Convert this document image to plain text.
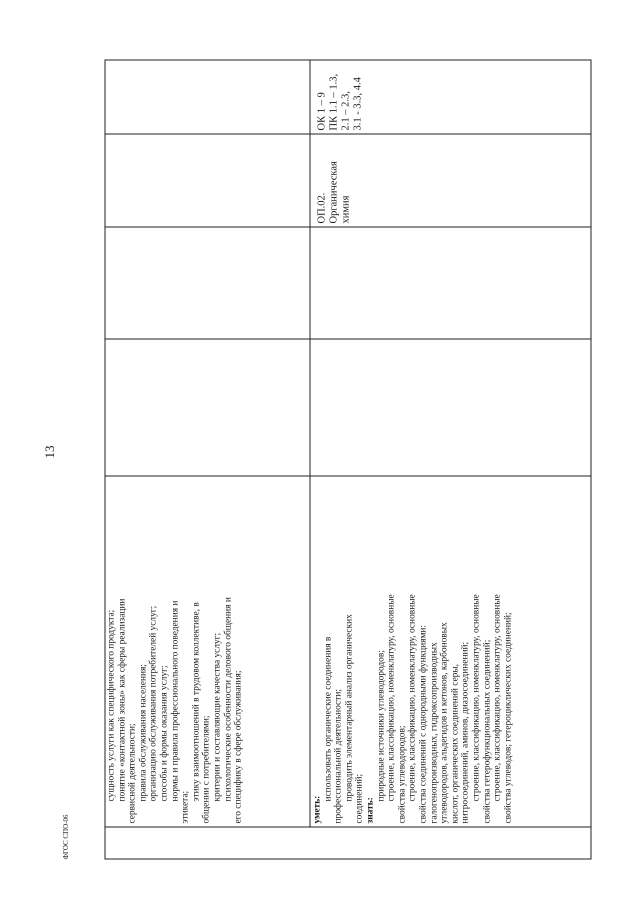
13
сущность услуги как специфического продукта; понятие «контактной зоны» как сферы реализации сервисной деятельности; правила обслуживания населения; организацию обслуживания потребителей услуг; способы и формы оказания услуг; нормы и правила профессионального поведения и
этикета;
этику взаимоотношений в трудовом коллективе, в общении с потребителями; критерии и составляющие качества услуг; психологические особенности делового общения и его специфику в сфере обслуживания;	уметь:
использовать органические соединения в профессиональной деятельности; проводить элементарный анализ органических соединений; знать:
природные источники углеводородов; строение, классификацию, номенклатуру, основные свойства углеводородов; строение, классификацию, номенклатуру, основные свойства соединений с однородными функциями: галогенопроизводных, гидроксопроизводных углеводородов, альдегидов и кетонов, карбоновых кислот, органических соединений серы, нитросоединений, аминов, диазосоединений; строение, классификацию, номенклатуру, основные свойства гетерофункциональных соединений; строение, классификацию, номенклатуру, основные свойства углеводов; гетероциклических соединений;
ОП.02. Органическая химия
ОК 1 – 9 ПК 1.1 – 1.3, 2.1 – 2.3, 3.1 - 3.3, 4.4
ФГОС СПО-06
